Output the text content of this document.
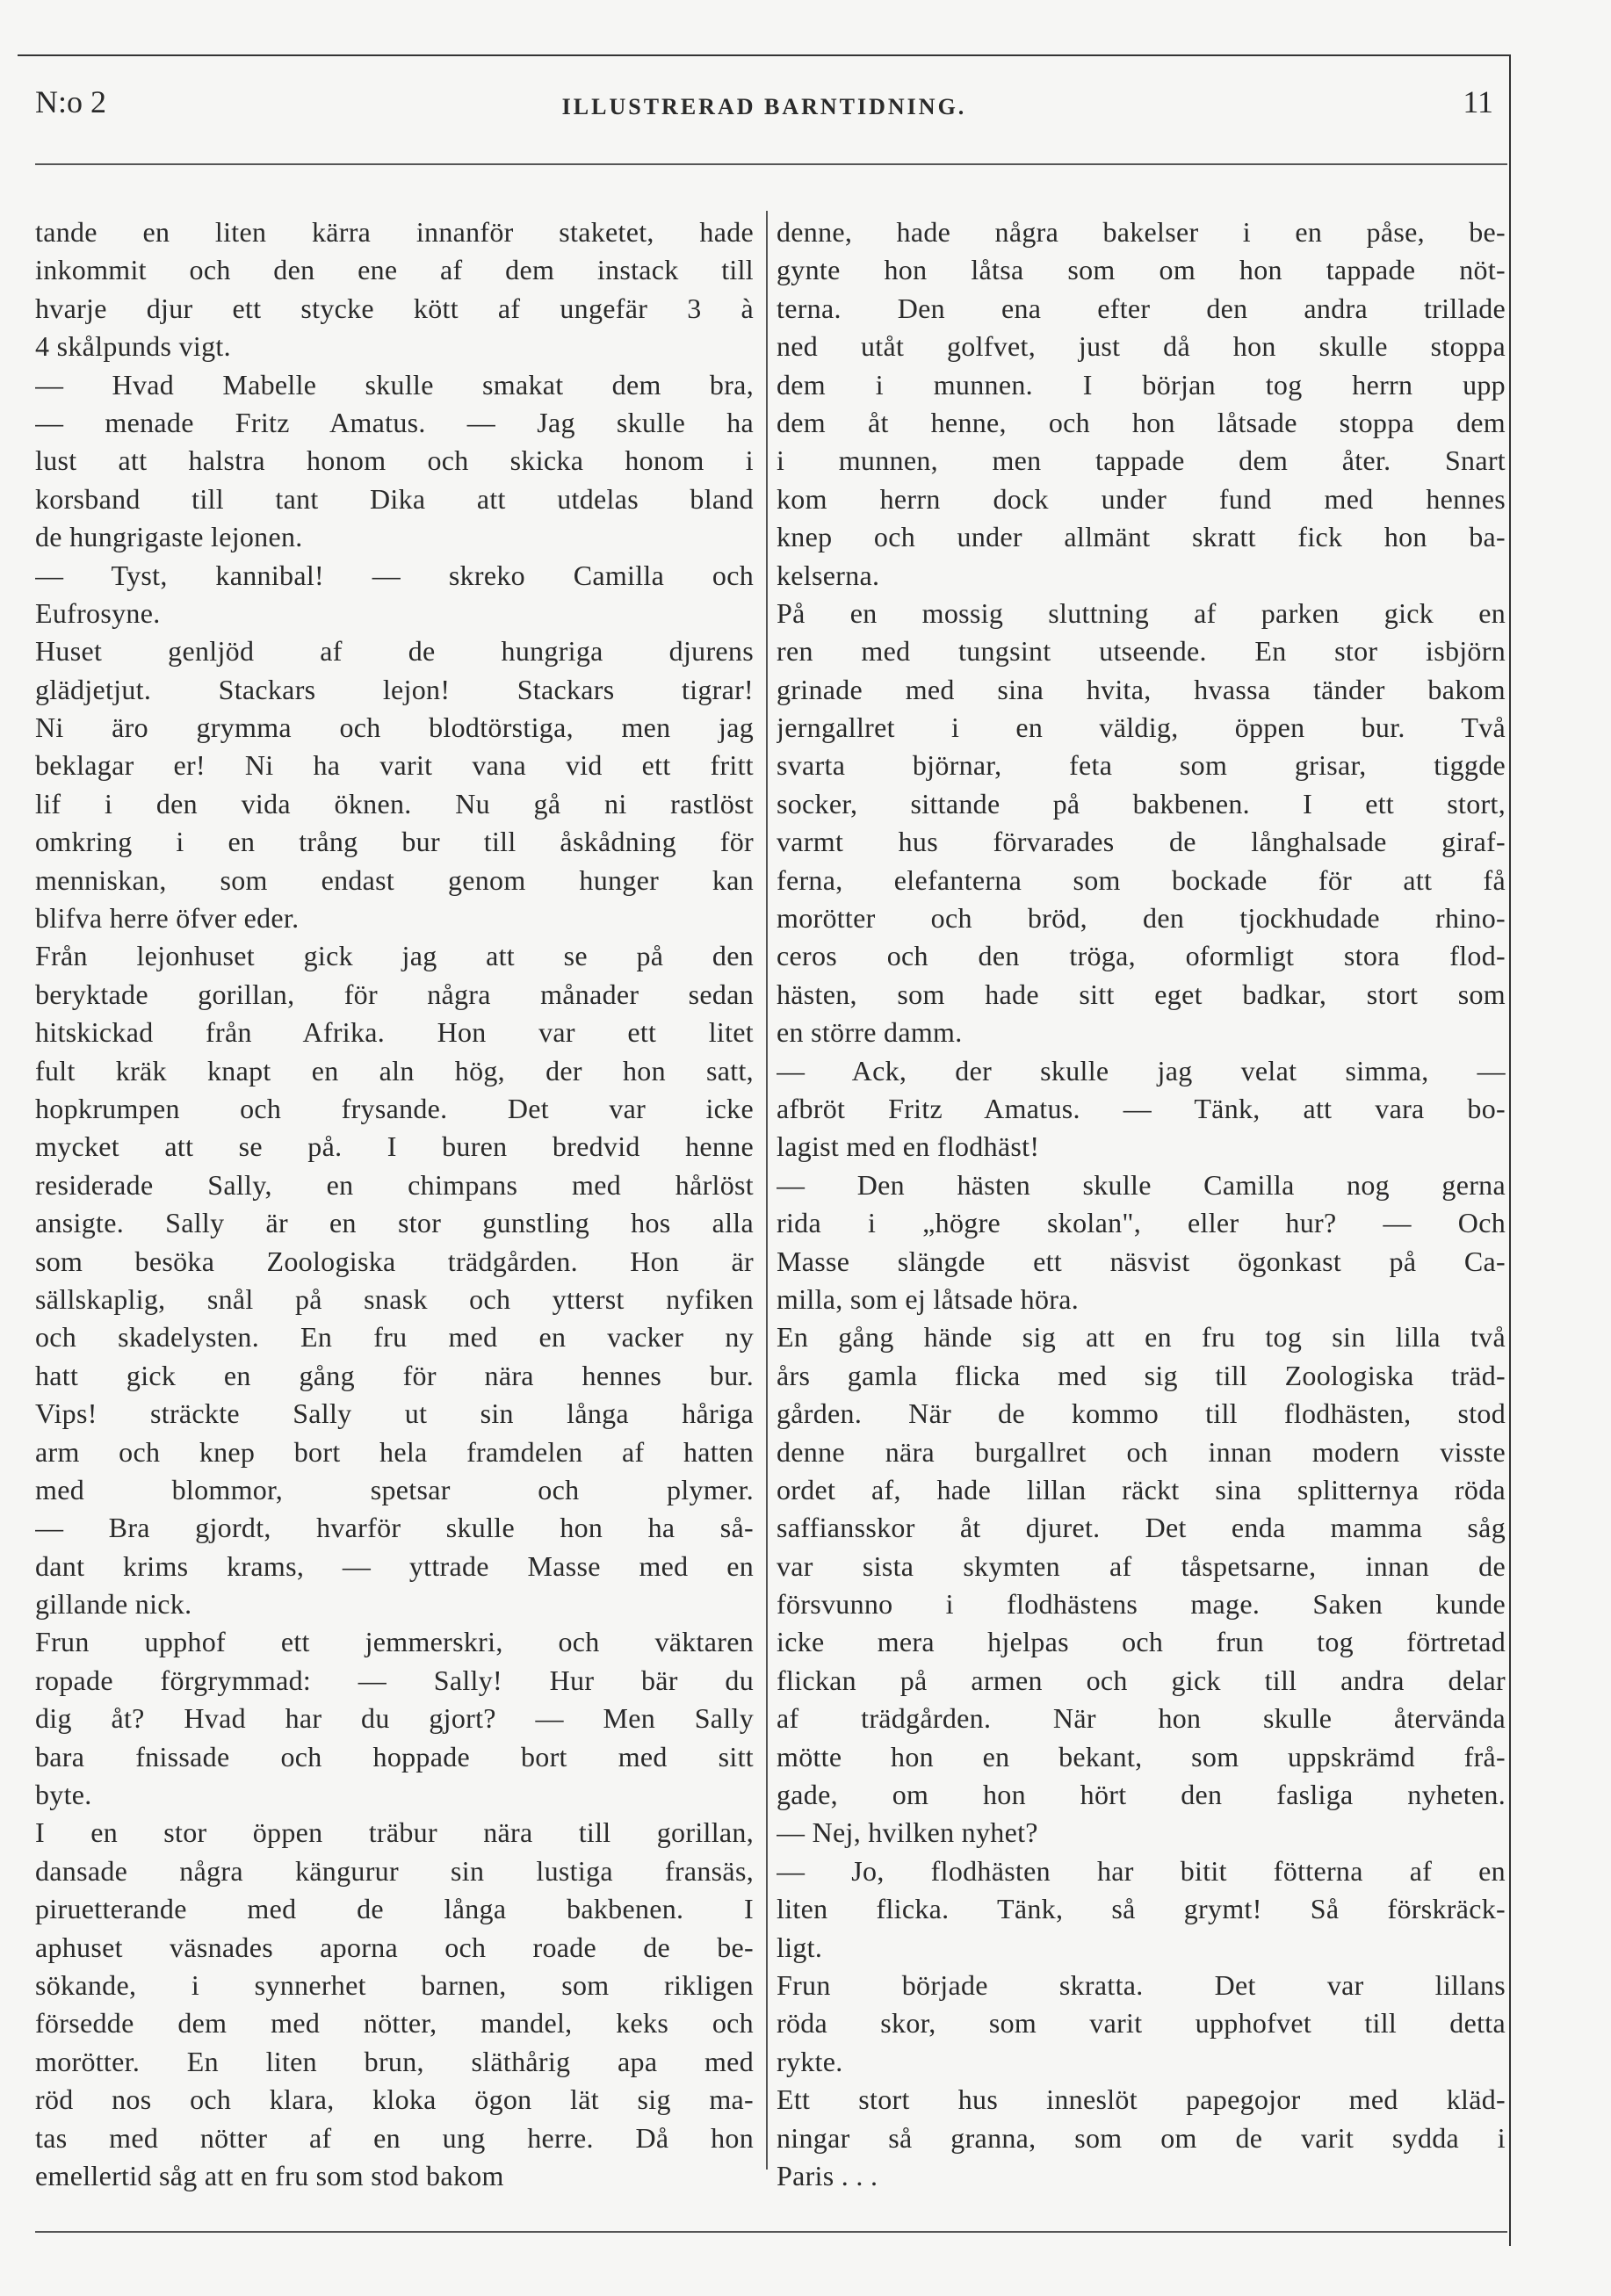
N:o 2	ILLUSTRERAD BARNTIDNING.	11
tande en liten kärra innanför staketet, hade
inkommit och den ene af dem instack till
hvarje djur ett stycke kött af ungefär 3 à
4 skålpunds vigt.
— Hvad Mabelle skulle smakat dem bra,
— menade Fritz Amatus. — Jag skulle ha
lust att halstra honom och skicka honom i
korsband till tant Dika att utdelas bland
de hungrigaste lejonen.
— Tyst, kannibal! — skreko Camilla och
Eufrosyne.
Huset genljöd af de hungriga djurens
glädjetjut. Stackars lejon! Stackars tigrar!
Ni äro grymma och blodtörstiga, men jag
beklagar er! Ni ha varit vana vid ett fritt
lif i den vida öknen. Nu gå ni rastlöst
omkring i en trång bur till åskådning för
menniskan, som endast genom hunger kan
blifva herre öfver eder.
Från lejonhuset gick jag att se på den
beryktade gorillan, för några månader sedan
hitskickad från Afrika. Hon var ett litet
fult kräk knapt en aln hög, der hon satt,
hopkrumpen och frysande. Det var icke
mycket att se på. I buren bredvid henne
residerade Sally, en chimpans med hårlöst
ansigte. Sally är en stor gunstling hos alla
som besöka Zoologiska trädgården. Hon är
sällskaplig, snål på snask och ytterst nyfiken
och skadelysten. En fru med en vacker ny
hatt gick en gång för nära hennes bur.
Vips! sträckte Sally ut sin långa håriga
arm och knep bort hela framdelen af hatten
med blommor, spetsar och plymer.
— Bra gjordt, hvarför skulle hon ha så-
dant krims krams, — yttrade Masse med en
gillande nick.
Frun upphof ett jemmerskri, och väktaren
ropade förgrymmad: — Sally! Hur bär du
dig åt? Hvad har du gjort? — Men Sally
bara fnissade och hoppade bort med sitt
byte.
I en stor öppen träbur nära till gorillan,
dansade några kängurur sin lustiga fransäs,
piruetterande med de långa bakbenen. I
aphuset väsnades aporna och roade de be-
sökande, i synnerhet barnen, som rikligen
försedde dem med nötter, mandel, keks och
morötter. En liten brun, släthårig apa med
röd nos och klara, kloka ögon lät sig ma-
tas med nötter af en ung herre. Då hon
emellertid såg att en fru som stod bakom
denne, hade några bakelser i en påse, be-
gynte hon låtsa som om hon tappade nöt-
terna. Den ena efter den andra trillade
ned utåt golfvet, just då hon skulle stoppa
dem i munnen. I början tog herrn upp
dem åt henne, och hon låtsade stoppa dem
i munnen, men tappade dem åter. Snart
kom herrn dock under fund med hennes
knep och under allmänt skratt fick hon ba-
kelserna.
På en mossig sluttning af parken gick en
ren med tungsint utseende. En stor isbjörn
grinade med sina hvita, hvassa tänder bakom
jerngallret i en väldig, öppen bur. Två
svarta björnar, feta som grisar, tiggde
socker, sittande på bakbenen. I ett stort,
varmt hus förvarades de långhalsade giraf-
ferna, elefanterna som bockade för att få
morötter och bröd, den tjockhudade rhino-
ceros och den tröga, oformligt stora flod-
hästen, som hade sitt eget badkar, stort som
en större damm.
— Ack, der skulle jag velat simma, —
afbröt Fritz Amatus. — Tänk, att vara bo-
lagist med en flodhäst!
— Den hästen skulle Camilla nog gerna
rida i „högre skolan", eller hur? — Och
Masse slängde ett näsvist ögonkast på Ca-
milla, som ej låtsade höra.
En gång hände sig att en fru tog sin lilla två
års gamla flicka med sig till Zoologiska träd-
gården. När de kommo till flodhästen, stod
denne nära burgallret och innan modern visste
ordet af, hade lillan räckt sina splitternya röda
saffiansskor åt djuret. Det enda mamma såg
var sista skymten af tåspetsarne, innan de
försvunno i flodhästens mage. Saken kunde
icke mera hjelpas och frun tog förtretad
flickan på armen och gick till andra delar
af trädgården. När hon skulle återvända
mötte hon en bekant, som uppskrämd frå-
gade, om hon hört den fasliga nyheten.
— Nej, hvilken nyhet?
— Jo, flodhästen har bitit fötterna af en
liten flicka. Tänk, så grymt! Så förskräck-
ligt.
Frun började skratta. Det var lillans
röda skor, som varit upphofvet till detta
rykte.
Ett stort hus inneslöt papegojor med kläd-
ningar så granna, som om de varit sydda i
Paris . . .
